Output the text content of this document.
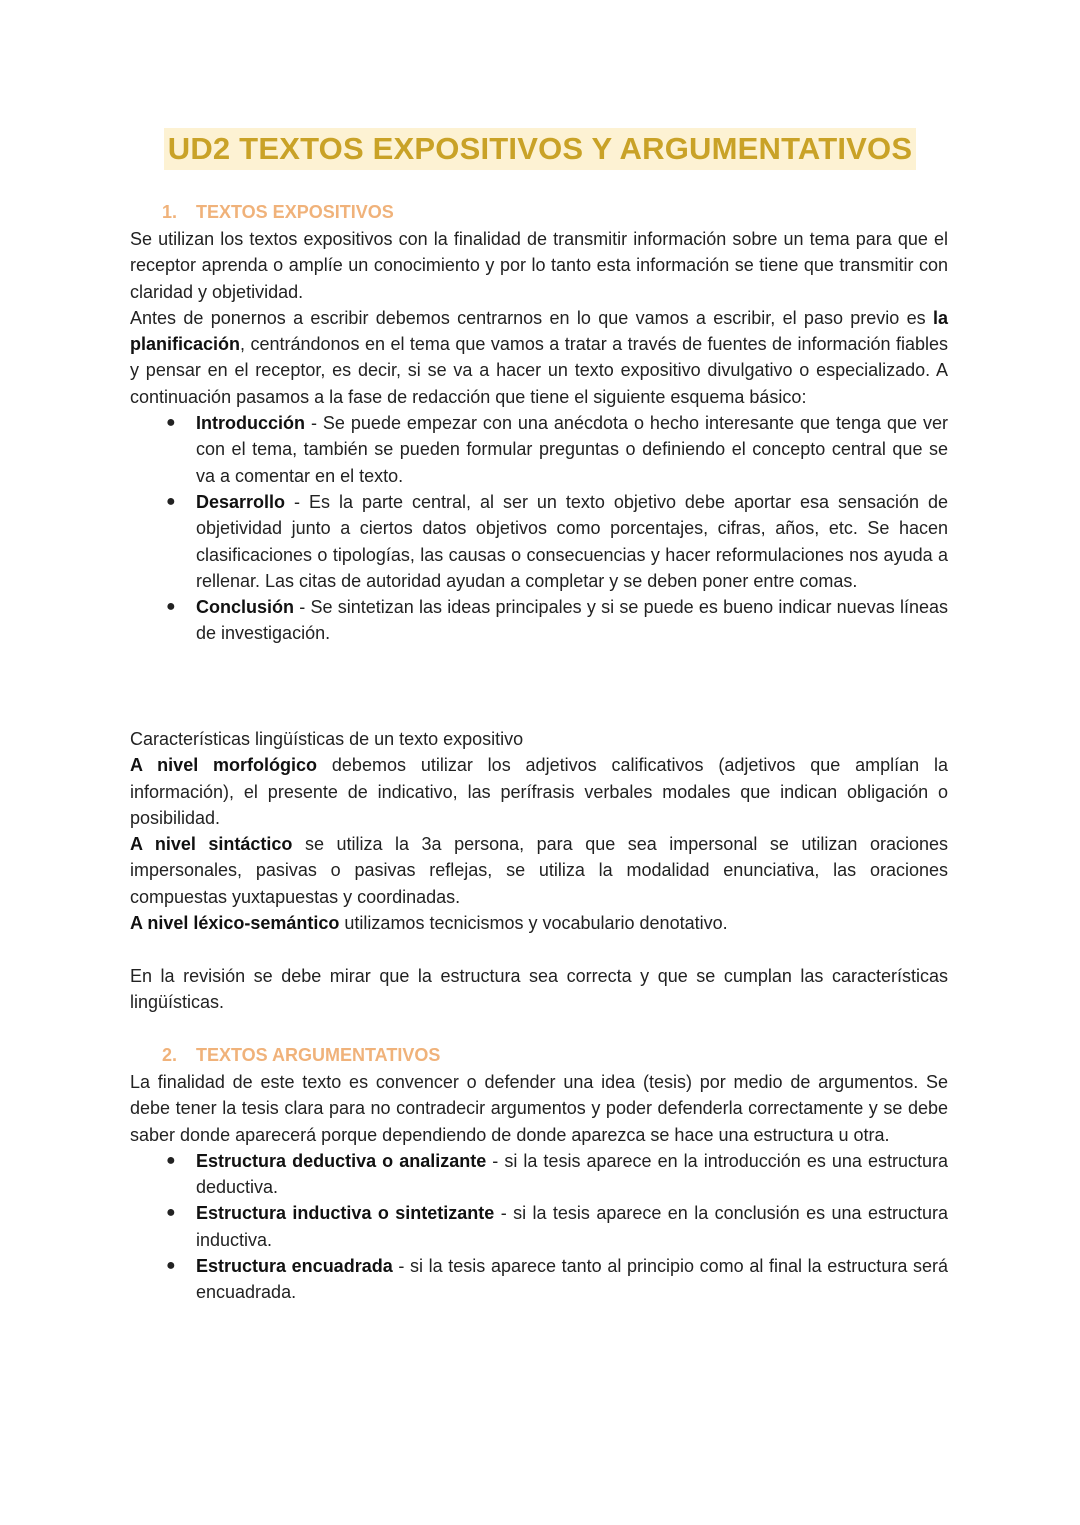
UD2 TEXTOS EXPOSITIVOS Y ARGUMENTATIVOS
1. TEXTOS EXPOSITIVOS

Se utilizan los textos expositivos con la finalidad de transmitir información sobre un tema para que el receptor aprenda o amplíe un conocimiento y por lo tanto esta información se tiene que transmitir con claridad y objetividad.

Antes de ponernos a escribir debemos centrarnos en lo que vamos a escribir, el paso previo es la planificación, centrándonos en el tema que vamos a tratar a través de fuentes de información fiables y pensar en el receptor, es decir, si se va a hacer un texto expositivo divulgativo o especializado. A continuación pasamos a la fase de redacción que tiene el siguiente esquema básico:

● Introducción - Se puede empezar con una anécdota o hecho interesante que tenga que ver con el tema, también se pueden formular preguntas o definiendo el concepto central que se va a comentar en el texto.
● Desarrollo - Es la parte central, al ser un texto objetivo debe aportar esa sensación de objetividad junto a ciertos datos objetivos como porcentajes, cifras, años, etc. Se hacen clasificaciones o tipologías, las causas o consecuencias y hacer reformulaciones nos ayuda a rellenar. Las citas de autoridad ayudan a completar y se deben poner entre comas.
● Conclusión - Se sintetizan las ideas principales y si se puede es bueno indicar nuevas líneas de investigación.

Características lingüísticas de un texto expositivo

A nivel morfológico debemos utilizar los adjetivos calificativos (adjetivos que amplían la información), el presente de indicativo, las perífrasis verbales modales que indican obligación o posibilidad.

A nivel sintáctico se utiliza la 3a persona, para que sea impersonal se utilizan oraciones impersonales, pasivas o pasivas reflejas, se utiliza la modalidad enunciativa, las oraciones compuestas yuxtapuestas y coordinadas.

A nivel léxico-semántico utilizamos tecnicismos y vocabulario denotativo.

En la revisión se debe mirar que la estructura sea correcta y que se cumplan las características lingüísticas.

2. TEXTOS ARGUMENTATIVOS

La finalidad de este texto es convencer o defender una idea (tesis) por medio de argumentos. Se debe tener la tesis clara para no contradecir argumentos y poder defenderla correctamente y se debe saber donde aparecerá porque dependiendo de donde aparezca se hace una estructura u otra.

● Estructura deductiva o analizante - si la tesis aparece en la introducción es una estructura deductiva.
● Estructura inductiva o sintetizante - si la tesis aparece en la conclusión es una estructura inductiva.
● Estructura encuadrada - si la tesis aparece tanto al principio como al final la estructura será encuadrada.
